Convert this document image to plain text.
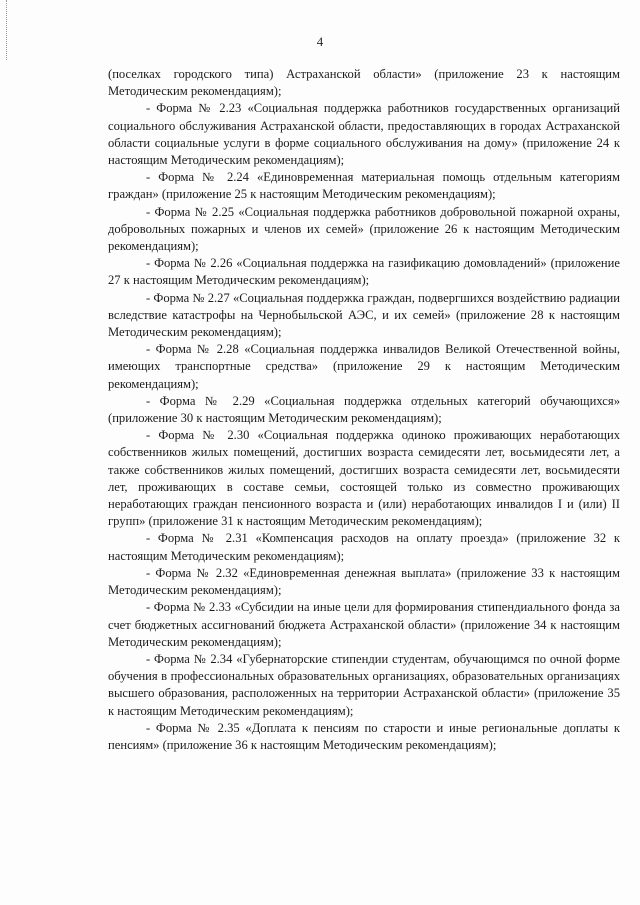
4

(поселках городского типа) Астраханской области» (приложение 23 к настоящим Методическим рекомендациям);

- Форма № 2.23 «Социальная поддержка работников государственных организаций социального обслуживания Астраханской области, предоставляющих в городах Астраханской области социальные услуги в форме социального обслуживания на дому» (приложение 24 к настоящим Методическим рекомендациям);

- Форма № 2.24 «Единовременная материальная помощь отдельным категориям граждан» (приложение 25 к настоящим Методическим рекомендациям);

- Форма № 2.25 «Социальная поддержка работников добровольной пожарной охраны, добровольных пожарных и членов их семей» (приложение 26 к настоящим Методическим рекомендациям);

- Форма № 2.26 «Социальная поддержка на газификацию домовладений» (приложение 27 к настоящим Методическим рекомендациям);

- Форма № 2.27 «Социальная поддержка граждан, подвергшихся воздействию радиации вследствие катастрофы на Чернобыльской АЭС, и их семей» (приложение 28 к настоящим Методическим рекомендациям);

- Форма № 2.28 «Социальная поддержка инвалидов Великой Отечественной войны, имеющих транспортные средства» (приложение 29 к настоящим Методическим рекомендациям);

- Форма № 2.29 «Социальная поддержка отдельных категорий обучающихся» (приложение 30 к настоящим Методическим рекомендациям);

- Форма № 2.30 «Социальная поддержка одиноко проживающих неработающих собственников жилых помещений, достигших возраста семидесяти лет, восьмидесяти лет, а также собственников жилых помещений, достигших возраста семидесяти лет, восьмидесяти лет, проживающих в составе семьи, состоящей только из совместно проживающих неработающих граждан пенсионного возраста и (или) неработающих инвалидов I и (или) II групп» (приложение 31 к настоящим Методическим рекомендациям);

- Форма № 2.31 «Компенсация расходов на оплату проезда» (приложение 32 к настоящим Методическим рекомендациям);

- Форма № 2.32 «Единовременная денежная выплата» (приложение 33 к настоящим Методическим рекомендациям);

- Форма № 2.33 «Субсидии на иные цели для формирования стипендиального фонда за счет бюджетных ассигнований бюджета Астраханской области» (приложение 34 к настоящим Методическим рекомендациям);

- Форма № 2.34 «Губернаторские стипендии студентам, обучающимся по очной форме обучения в профессиональных образовательных организациях, образовательных организациях высшего образования, расположенных на территории Астраханской области» (приложение 35 к настоящим Методическим рекомендациям);

- Форма № 2.35 «Доплата к пенсиям по старости и иные региональные доплаты к пенсиям» (приложение 36 к настоящим Методическим рекомендациям);
